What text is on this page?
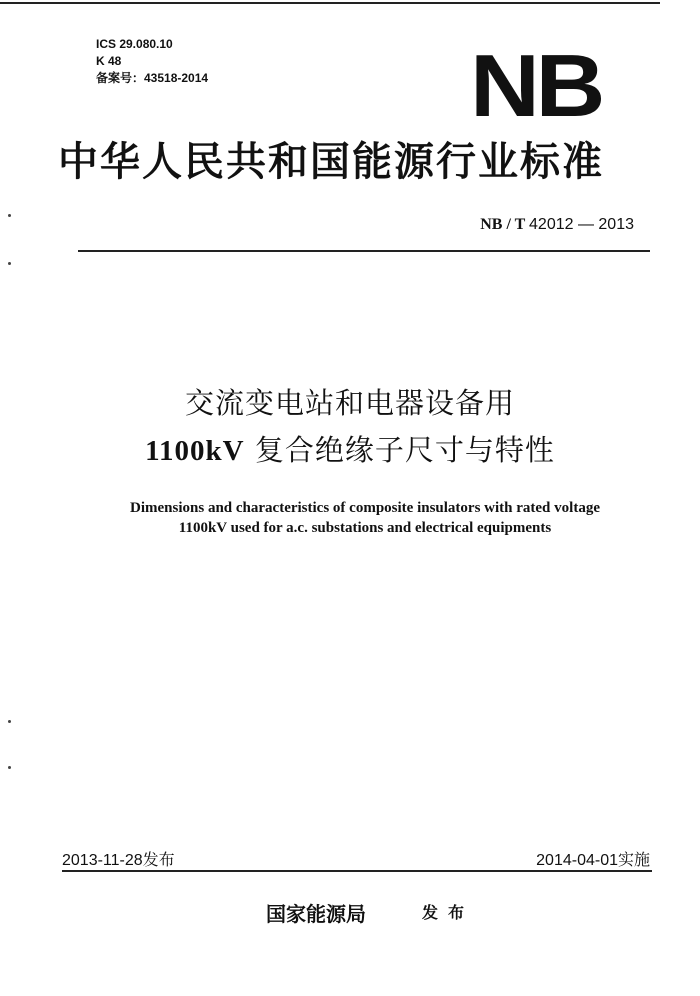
ICS 29.080.10
K 48
备案号：43518-2014	NB
中华人民共和国能源行业标准
NB / T 42012 — 2013
交流变电站和电器设备用
1100kV 复合绝缘子尺寸与特性
Dimensions and characteristics of composite insulators with rated voltage
1100kV used for a.c. substations and electrical equipments
2013-11-28发布	2014-04-01实施
国家能源局	发布
